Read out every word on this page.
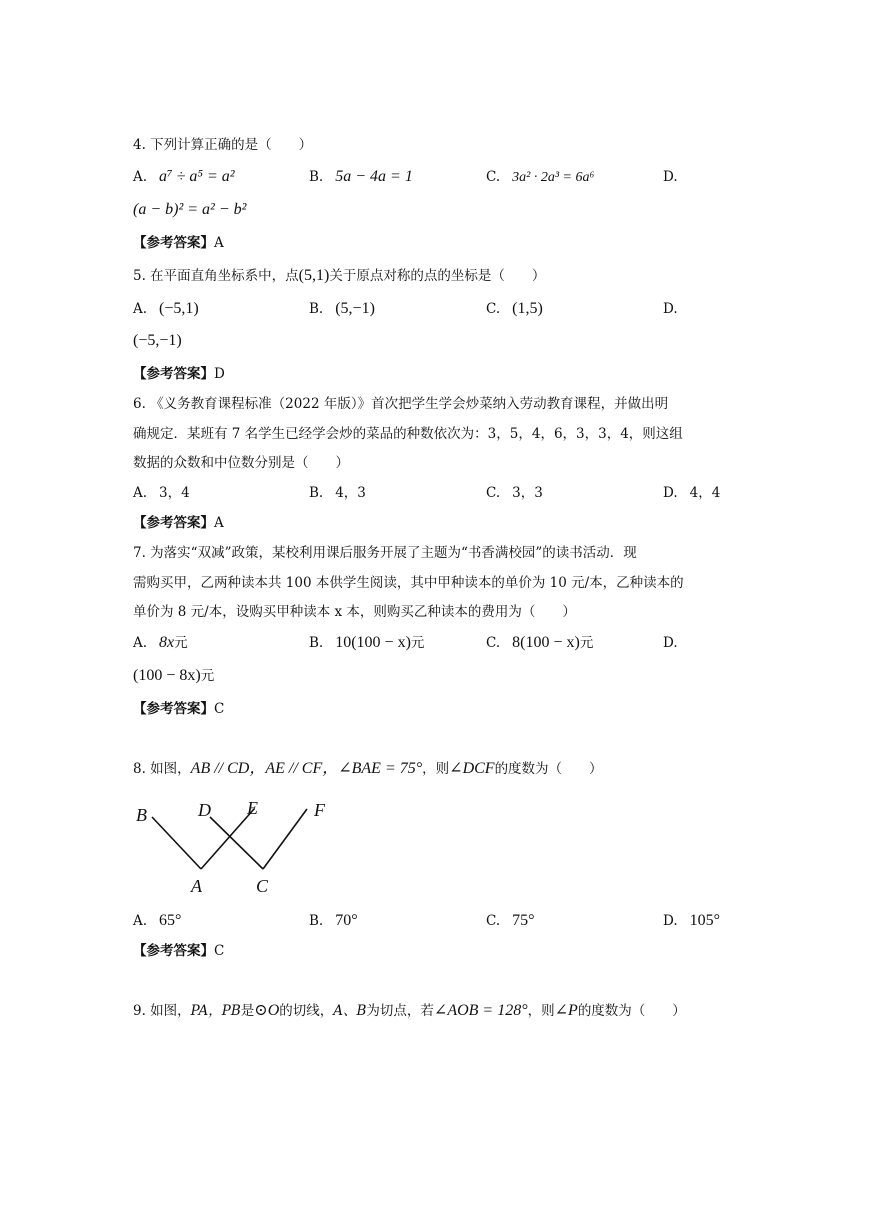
4. 下列计算正确的是（　　）
A. a⁷ ÷ a⁵ = a²	B. 5a − 4a = 1	C. 3a² · 2a³ = 6a⁶	D.
(a − b)² = a² − b²
【参考答案】A
5. 在平面直角坐标系中，点(5,1)关于原点对称的点的坐标是（　　）
A. (−5,1)	B. (5,−1)	C. (1,5)	D.
(−5,−1)
【参考答案】D
6. 《义务教育课程标准（2022 年版）》首次把学生学会炒菜纳入劳动教育课程，并做出明
确规定．某班有 7 名学生已经学会炒的菜品的种数依次为：3，5，4，6，3，3，4，则这组
数据的众数和中位数分别是（　　）
A. 3，4	B. 4，3	C. 3，3	D. 4，4
【参考答案】A
7. 为落实“双减”政策，某校利用课后服务开展了主题为“书香满校园”的读书活动．现
需购买甲，乙两种读本共 100 本供学生阅读，其中甲种读本的单价为 10 元/本，乙种读本的
单价为 8 元/本，设购买甲种读本 x 本，则购买乙种读本的费用为（　　）
A. 8x元	B. 10(100 − x)元	C. 8(100 − x)元	D.
(100 − 8x)元
【参考答案】C
8. 如图，AB // CD，AE // CF，∠BAE = 75°，则∠DCF的度数为（　　）
B	D E	F
A	C
A. 65°	B. 70°	C. 75°	D. 105°
【参考答案】C
9. 如图，PA，PB是⊙O的切线，A、B为切点，若∠AOB = 128°，则∠P的度数为（　　）
